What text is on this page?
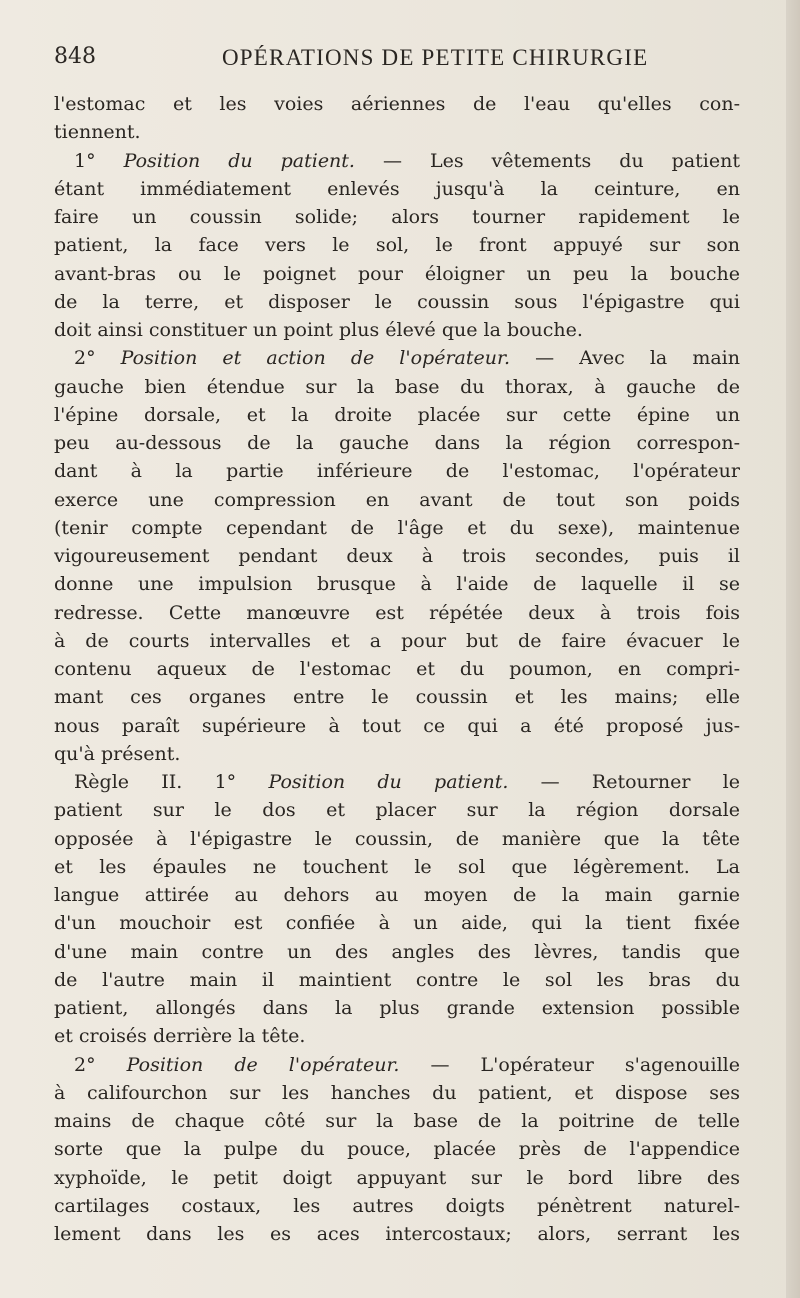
848	OPÉRATIONS DE PETITE CHIRURGIE
l'estomac et les voies aériennes de l'eau qu'elles con-
tiennent.
1° Position du patient. — Les vêtements du patient
étant immédiatement enlevés jusqu'à la ceinture, en
faire un coussin solide; alors tourner rapidement le
patient, la face vers le sol, le front appuyé sur son
avant-bras ou le poignet pour éloigner un peu la bouche
de la terre, et disposer le coussin sous l'épigastre qui
doit ainsi constituer un point plus élevé que la bouche.
2° Position et action de l'opérateur. — Avec la main
gauche bien étendue sur la base du thorax, à gauche de
l'épine dorsale, et la droite placée sur cette épine un
peu au-dessous de la gauche dans la région correspon-
dant à la partie inférieure de l'estomac, l'opérateur
exerce une compression en avant de tout son poids
(tenir compte cependant de l'âge et du sexe), maintenue
vigoureusement pendant deux à trois secondes, puis il
donne une impulsion brusque à l'aide de laquelle il se
redresse. Cette manœuvre est répétée deux à trois fois
à de courts intervalles et a pour but de faire évacuer le
contenu aqueux de l'estomac et du poumon, en compri-
mant ces organes entre le coussin et les mains; elle
nous paraît supérieure à tout ce qui a été proposé jus-
qu'à présent.
Règle II. 1° Position du patient. — Retourner le
patient sur le dos et placer sur la région dorsale
opposée à l'épigastre le coussin, de manière que la tête
et les épaules ne touchent le sol que légèrement. La
langue attirée au dehors au moyen de la main garnie
d'un mouchoir est confiée à un aide, qui la tient fixée
d'une main contre un des angles des lèvres, tandis que
de l'autre main il maintient contre le sol les bras du
patient, allongés dans la plus grande extension possible
et croisés derrière la tête.
2° Position de l'opérateur. — L'opérateur s'agenouille
à califourchon sur les hanches du patient, et dispose ses
mains de chaque côté sur la base de la poitrine de telle
sorte que la pulpe du pouce, placée près de l'appendice
xyphoïde, le petit doigt appuyant sur le bord libre des
cartilages costaux, les autres doigts pénètrent naturel-
lement dans les es aces intercostaux; alors, serrant les
